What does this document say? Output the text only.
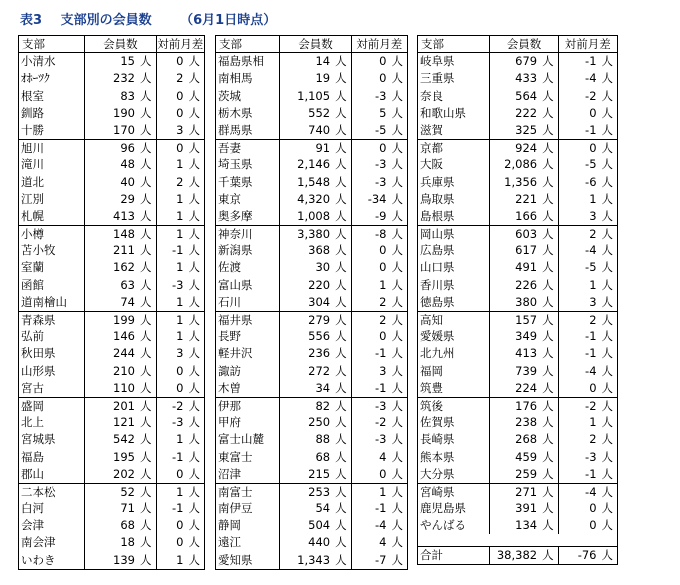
表3 支部別の会員数 （6月1日時点）
支部	会員数	対前月差
小清水	15 人	0 人
ｵﾎｰﾂｸ	232 人	2 人
根室	83 人	0 人
釧路	190 人	0 人
十勝	170 人	3 人
旭川	96 人	0 人
滝川	48 人	1 人
道北	40 人	2 人
江別	29 人	1 人
札幌	413 人	1 人
小樽	148 人	1 人
苫小牧	211 人	-1 人
室蘭	162 人	1 人
函館	63 人	-3 人
道南檜山	74 人	1 人
青森県	199 人	1 人
弘前	146 人	1 人
秋田県	244 人	3 人
山形県	210 人	0 人
宮古	110 人	0 人
盛岡	201 人	-2 人
北上	121 人	-3 人
宮城県	542 人	1 人
福島	195 人	-1 人
郡山	202 人	0 人
二本松	52 人	1 人
白河	71 人	-1 人
会津	68 人	0 人
南会津	18 人	0 人
いわき	139 人	1 人
支部	会員数	対前月差
福島県相	14 人	0 人
南相馬	19 人	0 人
茨城	1,105 人	-3 人
栃木県	552 人	5 人
群馬県	740 人	-5 人
吾妻	91 人	0 人
埼玉県	2,146 人	-3 人
千葉県	1,548 人	-3 人
東京	4,320 人	-34 人
奥多摩	1,008 人	-9 人
神奈川	3,380 人	-8 人
新潟県	368 人	0 人
佐渡	30 人	0 人
富山県	220 人	1 人
石川	304 人	2 人
福井県	279 人	2 人
長野	556 人	0 人
軽井沢	236 人	-1 人
諏訪	272 人	3 人
木曽	34 人	-1 人
伊那	82 人	-3 人
甲府	250 人	-2 人
富士山麓	88 人	-3 人
東富士	68 人	4 人
沼津	215 人	0 人
南富士	253 人	1 人
南伊豆	54 人	-1 人
静岡	504 人	-4 人
遠江	440 人	4 人
愛知県	1,343 人	-7 人
支部	会員数	対前月差
岐阜県	679 人	-1 人
三重県	433 人	-4 人
奈良	564 人	-2 人
和歌山県	222 人	0 人
滋賀	325 人	-1 人
京都	924 人	0 人
大阪	2,086 人	-5 人
兵庫県	1,356 人	-6 人
鳥取県	221 人	1 人
島根県	166 人	3 人
岡山県	603 人	2 人
広島県	617 人	-4 人
山口県	491 人	-5 人
香川県	226 人	1 人
徳島県	380 人	3 人
高知	157 人	2 人
愛媛県	349 人	-1 人
北九州	413 人	-1 人
福岡	739 人	-4 人
筑豊	224 人	0 人
筑後	176 人	-2 人
佐賀県	238 人	1 人
長崎県	268 人	2 人
熊本県	459 人	-3 人
大分県	259 人	-1 人
宮崎県	271 人	-4 人
鹿児島県	391 人	0 人
やんばる	134 人	0 人
合計	38,382 人	-76 人
